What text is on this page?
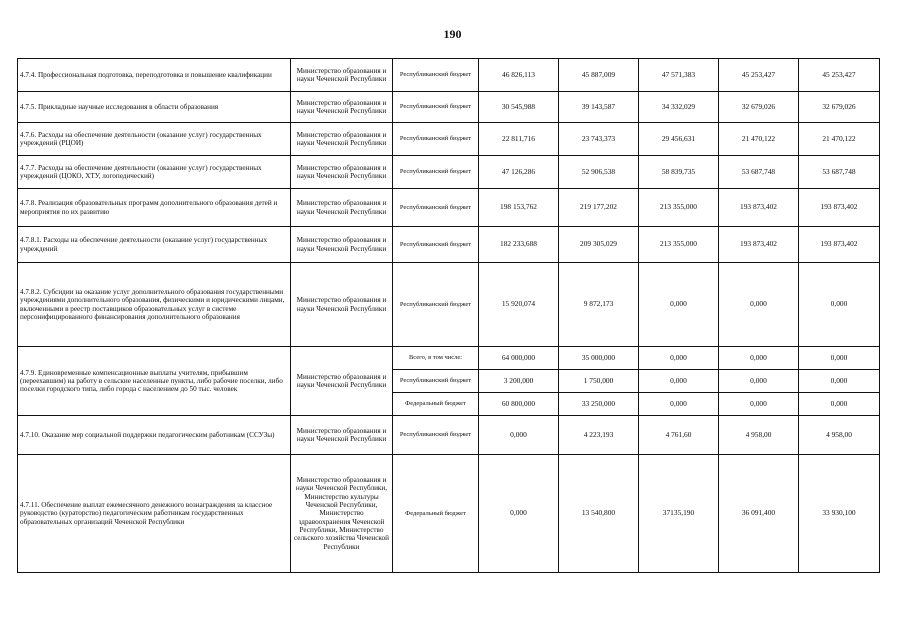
190
4.7.4. Профессиональная подготовка, переподготовка и повышение квалификации	Министерство образования и науки Чеченской Республики	Республиканский бюджет	46 826,113	45 887,009	47 571,383	45 253,427	45 253,427
4.7.5. Прикладные научные исследования в области образования	Министерство образования и науки Чеченской Республики	Республиканский бюджет	30 545,988	39 143,587	34 332,029	32 679,026	32 679,026
4.7.6. Расходы на обеспечение деятельности (оказание услуг) государственных учреждений (РЦОИ)	Министерство образования и науки Чеченской Республики	Республиканский бюджет	22 811,716	23 743,373	29 456,631	21 470,122	21 470,122
4.7.7. Расходы на обеспечение деятельности (оказание услуг) государственных учреждений (ЦОКО, ХТУ, логопедический)	Министерство образования и науки Чеченской Республики	Республиканский бюджет	47 126,286	52 906,538	58 839,735	53 687,748	53 687,748
4.7.8. Реализация образовательных программ дополнительного образования детей и мероприятия по их развитию	Министерство образования и науки Чеченской Республики	Республиканский бюджет	198 153,762	219 177,202	213 355,000	193 873,402	193 873,402
4.7.8.1. Расходы на обеспечение деятельности (оказание услуг) государственных учреждений	Министерство образования и науки Чеченской Республики	Республиканский бюджет	182 233,688	209 305,029	213 355,000	193 873,402	193 873,402
4.7.8.2. Субсидии на оказание услуг дополнительного образования государственными учреждениями дополнительного образования, физическими и юридическими лицами, включенными в реестр поставщиков образовательных услуг в системе персонифицированного финансирования дополнительного образования	Министерство образования и науки Чеченской Республики	Республиканский бюджет	15 920,074	9 872,173	0,000	0,000	0,000
4.7.9. Единовременные компенсационные выплаты учителям, прибывшим (переехавшим) на работу в сельские населенные пункты, либо рабочие поселки, либо поселки городского типа, либо города с населением до 50 тыс. человек	Министерство образования и науки Чеченской Республики	Всего, в том числе:	64 000,000	35 000,000	0,000	0,000	0,000
		Республиканский бюджет	3 200,000	1 750,000	0,000	0,000	0,000
		Федеральный бюджет	60 800,000	33 250,000	0,000	0,000	0,000
4.7.10. Оказание мер социальной поддержки педагогическим работникам (ССУЗы)	Министерство образования и науки Чеченской Республики	Республиканский бюджет	0,000	4 223,193	4 761,60	4 958,00	4 958,00
4.7.11. Обеспечение выплат ежемесячного денежного вознаграждения за классное руководство (кураторство) педагогическим работникам государственных образовательных организаций Чеченской Республики	Министерство образования и науки Чеченской Республики, Министерство культуры Чеченской Республики, Министерство здравоохранения Чеченской Республики, Министерство сельского хозяйства Чеченской Республики	Федеральный бюджет	0,000	13 540,800	37135,190	36 091,400	33 930,100
